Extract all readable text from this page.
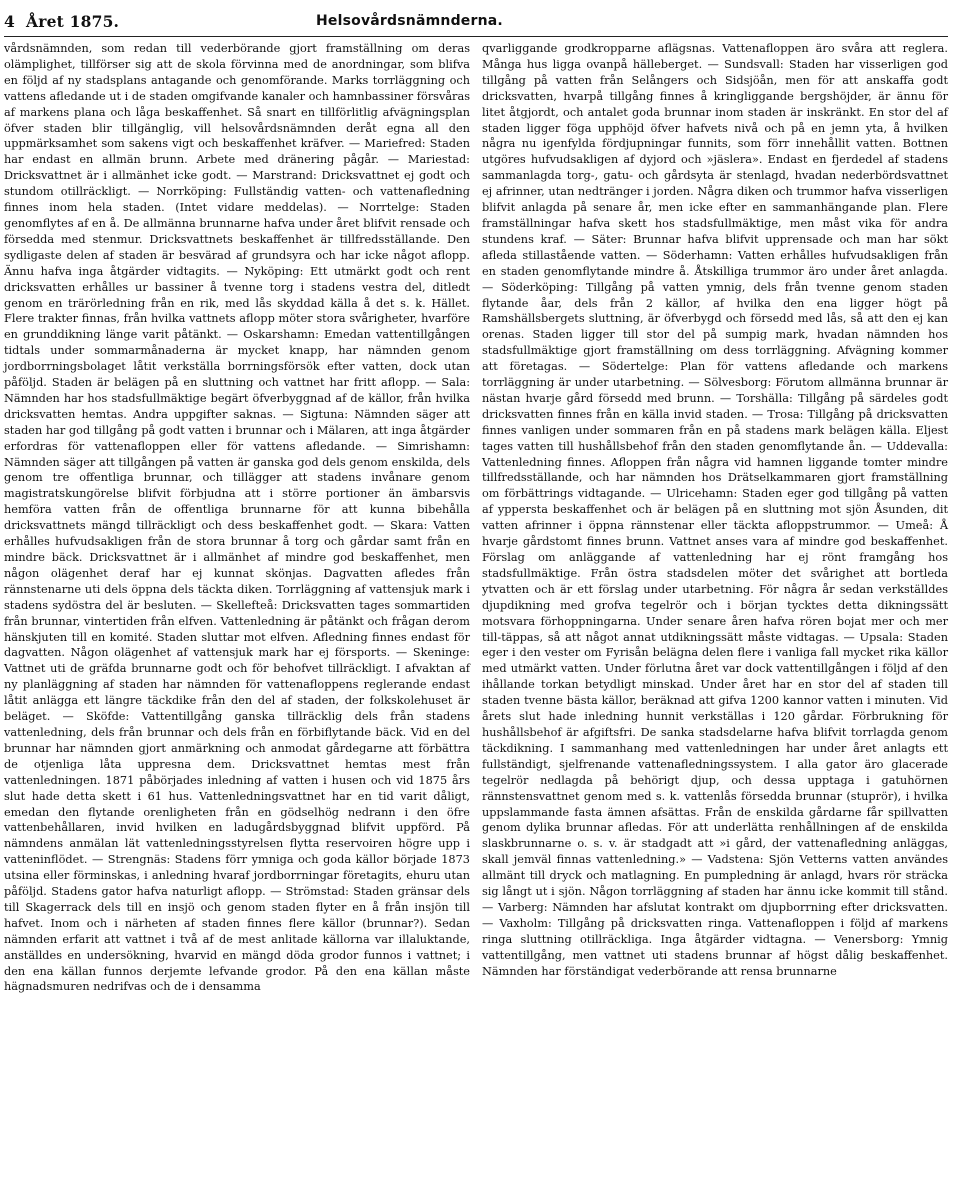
4 Året 1875.	Helsovårdsnämnderna.

vårdsnämnden, som redan till vederbörande gjort framställning om deras olämplighet, tillförser sig att de skola förvinna med de anordningar, som blifva en följd af ny stadsplans antagande och genomförande. Marks torrläggning och vattens afledande ut i de staden omgifvande kanaler och hamnbassiner försvåras af markens plana och låga beskaffenhet. Så snart en tillförlitlig afvägningsplan öfver staden blir tillgänglig, vill helsovårdsnämnden deråt egna all den uppmärksamhet som sakens vigt och beskaffenhet kräfver. — Mariefred: Staden har endast en allmän brunn. Arbete med dränering pågår. — Mariestad: Dricksvattnet är i allmänhet icke godt. — Marstrand: Dricksvattnet ej godt och stundom otillräckligt. — Norrköping: Fullständig vatten- och vattenafledning finnes inom hela staden. (Intet vidare meddelas). — Norrtelge: Staden genomflytes af en å. De allmänna brunnarne hafva under året blifvit rensade och försedda med stenmur. Dricksvattnets beskaffenhet är tillfredsställande. Den sydligaste delen af staden är besvärad af grundsyra och har icke något aflopp. Ännu hafva inga åtgärder vidtagits. — Nyköping: Ett utmärkt godt och rent dricksvatten erhålles ur bassiner å tvenne torg i stadens vestra del, ditledt genom en trärörledning från en rik, med lås skyddad källa å det s. k. Hället. Flere trakter finnas, från hvilka vattnets aflopp möter stora svårigheter, hvarföre en grunddikning länge varit påtänkt. — Oskarshamn: Emedan vattentillgången tidtals under sommarmånaderna är mycket knapp, har nämnden genom jordborrningsbolaget låtit verkställa borrningsförsök efter vatten, dock utan påföljd. Staden är belägen på en sluttning och vattnet har fritt aflopp. — Sala: Nämnden har hos stadsfullmäktige begärt öfverbyggnad af de källor, från hvilka dricksvatten hemtas. Andra uppgifter saknas. — Sigtuna: Nämnden säger att staden har god tillgång på godt vatten i brunnar och i Mälaren, att inga åtgärder erfordras för vattenafloppen eller för vattens afledande. — Simrishamn: Nämnden säger att tillgången på vatten är ganska god dels genom enskilda, dels genom tre offentliga brunnar, och tillägger att stadens invånare genom magistratskungörelse blifvit förbjudna att i större portioner än ämbarsvis hemföra vatten från de offentliga brunnarne för att kunna bibehålla dricksvattnets mängd tillräckligt och dess beskaffenhet godt. — Skara: Vatten erhålles hufvudsakligen från de stora brunnar å torg och gårdar samt från en mindre bäck. Dricksvattnet är i allmänhet af mindre god beskaffenhet, men någon olägenhet deraf har ej kunnat skönjas. Dagvatten afledes från rännstenarne uti dels öppna dels täckta diken. Torrläggning af vattensjuk mark i stadens sydöstra del är besluten. — Skellefteå: Dricksvatten tages sommartiden från brunnar, vintertiden från elfven. Vattenledning är påtänkt och frågan derom hänskjuten till en komité. Staden sluttar mot elfven. Afledning finnes endast för dagvatten. Någon olägenhet af vattensjuk mark har ej försports. — Skeninge: Vattnet uti de gräfda brunnarne godt och för behofvet tillräckligt. I afvaktan af ny planläggning af staden har nämnden för vattenafloppens reglerande endast låtit anlägga ett längre täckdike från den del af staden, der folkskolehuset är beläget. — Sköfde: Vattentillgång ganska tillräcklig dels från stadens vattenledning, dels från brunnar och dels från en förbiflytande bäck. Vid en del brunnar har nämnden gjort anmärkning och anmodat gårdegarne att förbättra de otjenliga låta uppresna dem. Dricksvattnet hemtas mest från vattenledningen. 1871 påbörjades inledning af vatten i husen och vid 1875 års slut hade detta skett i 61 hus. Vattenledningsvattnet har en tid varit dåligt, emedan den flytande orenligheten från en gödselhög nedrann i den öfre vattenbehållaren, invid hvilken en ladugårdsbyggnad blifvit uppförd. På nämndens anmälan lät vattenledningsstyrelsen flytta reservoiren högre upp i vatteninflödet. — Strengnäs: Stadens förr ymniga och goda källor började 1873 utsina eller förminskas, i anledning hvaraf jordborrningar företagits, ehuru utan påföljd. Stadens gator hafva naturligt aflopp. — Strömstad: Staden gränsar dels till Skagerrack dels till en insjö och genom staden flyter en å från insjön till hafvet. Inom och i närheten af staden finnes flere källor (brunnar?). Sedan nämnden erfarit att vattnet i två af de mest anlitade källorna var illaluktande, anställdes en undersökning, hvarvid en mängd döda grodor funnos i vattnet; i den ena källan funnos derjemte lefvande grodor. På den ena källan måste hägnadsmuren nedrifvas och de i densamma

qvarliggande grodkropparne aflägsnas. Vattenafloppen äro svåra att reglera. Många hus ligga ovanpå hälleberget. — Sundsvall: Staden har visserligen god tillgång på vatten från Selångers och Sidsjöån, men för att anskaffa godt dricksvatten, hvarpå tillgång finnes å kringliggande bergshöjder, är ännu för litet åtgjordt, och antalet goda brunnar inom staden är inskränkt. En stor del af staden ligger föga upphöjd öfver hafvets nivå och på en jemn yta, å hvilken några nu igenfylda fördjupningar funnits, som förr innehållit vatten. Bottnen utgöres hufvudsakligen af dyjord och »jäslera». Endast en fjerdedel af stadens sammanlagda torg-, gatu- och gårdsyta är stenlagd, hvadan nederbördsvattnet ej afrinner, utan nedtränger i jorden. Några diken och trummor hafva visserligen blifvit anlagda på senare år, men icke efter en sammanhängande plan. Flere framställningar hafva skett hos stadsfullmäktige, men måst vika för andra stundens kraf. — Säter: Brunnar hafva blifvit upprensade och man har sökt afleda stillastående vatten. — Söderhamn: Vatten erhålles hufvudsakligen från en staden genomflytande mindre å. Åtskilliga trummor äro under året anlagda. — Söderköping: Tillgång på vatten ymnig, dels från tvenne genom staden flytande åar, dels från 2 källor, af hvilka den ena ligger högt på Ramshällsbergets sluttning, är öfverbygd och försedd med lås, så att den ej kan orenas. Staden ligger till stor del på sumpig mark, hvadan nämnden hos stadsfullmäktige gjort framställning om dess torrläggning. Afvägning kommer att företagas. — Södertelge: Plan för vattens afledande och markens torrläggning är under utarbetning. — Sölvesborg: Förutom allmänna brunnar är nästan hvarje gård försedd med brunn. — Torshälla: Tillgång på särdeles godt dricksvatten finnes från en källa invid staden. — Trosa: Tillgång på dricksvatten finnes vanligen under sommaren från en på stadens mark belägen källa. Eljest tages vatten till hushållsbehof från den staden genomflytande ån. — Uddevalla: Vattenledning finnes. Afloppen från några vid hamnen liggande tomter mindre tillfredsställande, och har nämnden hos Drätselkammaren gjort framställning om förbättrings vidtagande. — Ulricehamn: Staden eger god tillgång på vatten af yppersta beskaffenhet och är belägen på en sluttning mot sjön Åsunden, dit vatten afrinner i öppna rännstenar eller täckta afloppstrummor. — Umeå: Å hvarje gårdstomt finnes brunn. Vattnet anses vara af mindre god beskaffenhet. Förslag om anläggande af vattenledning har ej rönt framgång hos stadsfullmäktige. Från östra stadsdelen möter det svårighet att bortleda ytvatten och är ett förslag under utarbetning. För några år sedan verkställdes djupdikning med grofva tegelrör och i början tycktes detta dikningssätt motsvara förhoppningarna. Under senare åren hafva rören bojat mer och mer till-täppas, så att något annat utdikningssätt måste vidtagas. — Upsala: Staden eger i den vester om Fyrisån belägna delen flere i vanliga fall mycket rika källor med utmärkt vatten. Under förlutna året var dock vattentillgången i följd af den ihållande torkan betydligt minskad. Under året har en stor del af staden till staden tvenne bästa källor, beräknad att gifva 1200 kannor vatten i minuten. Vid årets slut hade inledning hunnit verkställas i 120 gårdar. Förbrukning för hushållsbehof är afgiftsfri. De sanka stadsdelarne hafva blifvit torrlagda genom täckdikning. I sammanhang med vattenledningen har under året anlagts ett fullständigt, sjelfrenande vattenafledningssystem. I alla gator äro glacerade tegelrör nedlagda på behörigt djup, och dessa upptaga i gatuhörnen rännstensvattnet genom med s. k. vattenlås försedda brunnar (stuprör), i hvilka uppslammande fasta ämnen afsättas. Från de enskilda gårdarne får spillvatten genom dylika brunnar afledas. För att underlätta renhållningen af de enskilda slaskbrunnarne o. s. v. är stadgadt att »i gård, der vattenafledning anläggas, skall jemväl finnas vattenledning.» — Vadstena: Sjön Vetterns vatten användes allmänt till dryck och matlagning. En pumpledning är anlagd, hvars rör sträcka sig långt ut i sjön. Någon torrläggning af staden har ännu icke kommit till stånd. — Varberg: Nämnden har afslutat kontrakt om djupborrning efter dricksvatten. — Vaxholm: Tillgång på dricksvatten ringa. Vattenafloppen i följd af markens ringa sluttning otillräckliga. Inga åtgärder vidtagna. — Venersborg: Ymnig vattentillgång, men vattnet uti stadens brunnar af högst dålig beskaffenhet. Nämnden har förständigat vederbörande att rensa brunnarne
